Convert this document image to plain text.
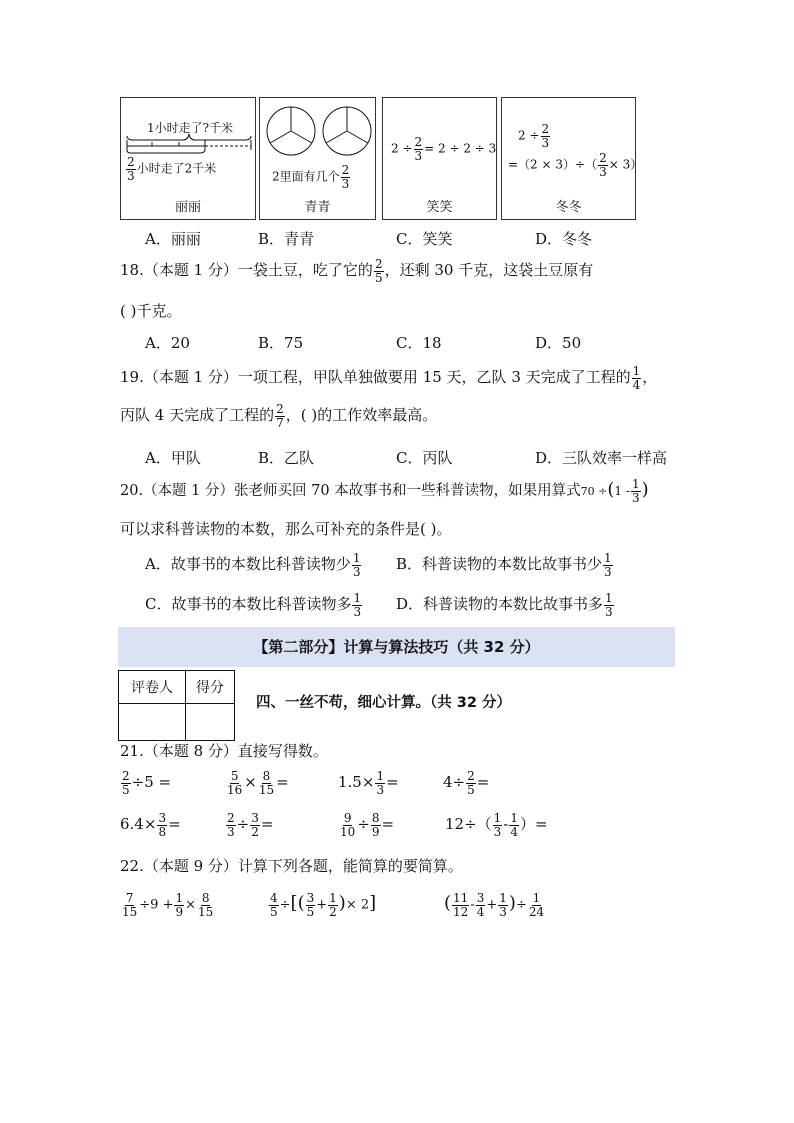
1小时走了?千米
$\frac{2}{3}$ 小时走了2千米
丽丽
2里面有几个 $\frac{2}{3}$
青青
$2 \div \frac{2}{3} = 2 \div 2 \div 3$
笑笑
$2 \div \frac{2}{3}$
$=(2 \times 3)\div( \frac{2}{3} \times 3)$
冬冬
A．丽丽	B．青青	C．笑笑	D．冬冬
18.（本题 1 分）一袋土豆，吃了它的 $\frac{2}{5}$ ，还剩 30 千克，这袋土豆原有
( )千克。
A．20	B．75	C．18	D．50
19.（本题 1 分）一项工程，甲队单独做要用 15 天，乙队 3 天完成了工程的 $\frac{1}{4}$ ，
丙队 4 天完成了工程的 $\frac{2}{7}$ ，( )的工作效率最高。
A．甲队	B．乙队	C．丙队	D．三队效率一样高
20.（本题 1 分）张老师买回 70 本故事书和一些科普读物，如果用算式$70 \div(1 - \frac{1}{3}$ )
可以求科普读物的本数，那么可补充的条件是( )。
A．故事书的本数比科普读物少 $\frac{1}{3}$ B．科普读物的本数比故事书少 $\frac{1}{3}$
C．故事书的本数比科普读物多 $\frac{1}{3}$ D．科普读物的本数比故事书多 $\frac{1}{3}$
【第二部分】计算与算法技巧（共 32 分）
评卷人	得分

四、一丝不苟，细心计算。（共 32 分）
21.（本题 8 分）直接写得数。
$\frac{2}{5} \div 5$ =	$\frac{5}{16} \times \frac{8}{15}$ =	$1.5\times \frac{1}{3}$ =	$4\div \frac{2}{5}$ =
$6.4\times \frac{3}{8}$ =	$\frac{2}{3} \div \frac{3}{2}$ =	$\frac{9}{10} \div \frac{8}{9}$ =	$12\div( \frac{1}{3} - \frac{1}{4}$ ）=
22.（本题 9 分）计算下列各题，能简算的要简算。
$\frac{7}{15} \div 9 + \frac{1}{9} \times \frac{8}{15}$	$\frac{4}{5}$ ÷[( $\frac{3}{5} + \frac{1}{2}$ )× 2]	( $\frac{11}{12} - \frac{3}{4} + \frac{1}{3}$ )÷ $\frac{1}{24}$
